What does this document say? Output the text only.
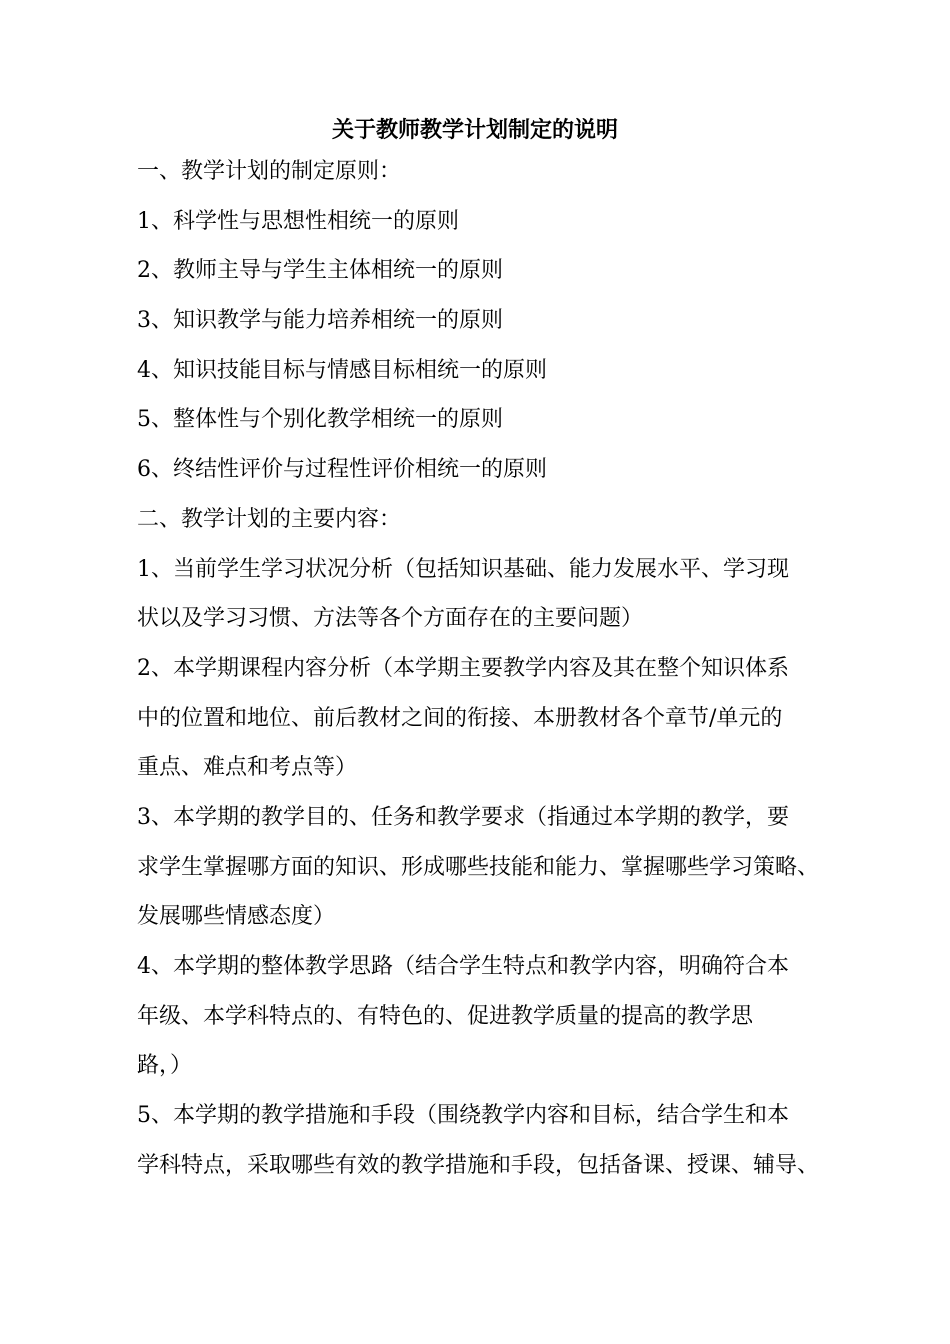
关于教师教学计划制定的说明

一、教学计划的制定原则：

1、科学性与思想性相统一的原则

2、教师主导与学生主体相统一的原则

3、知识教学与能力培养相统一的原则

4、知识技能目标与情感目标相统一的原则

5、整体性与个别化教学相统一的原则

6、终结性评价与过程性评价相统一的原则

二、教学计划的主要内容：

1、当前学生学习状况分析（包括知识基础、能力发展水平、学习现

状以及学习习惯、方法等各个方面存在的主要问题）

2、本学期课程内容分析（本学期主要教学内容及其在整个知识体系

中的位置和地位、前后教材之间的衔接、本册教材各个章节/单元的

重点、难点和考点等）

3、本学期的教学目的、任务和教学要求（指通过本学期的教学，要

求学生掌握哪方面的知识、形成哪些技能和能力、掌握哪些学习策略、

发展哪些情感态度）

4、本学期的整体教学思路（结合学生特点和教学内容，明确符合本

年级、本学科特点的、有特色的、促进教学质量的提高的教学思

路，）

5、本学期的教学措施和手段（围绕教学内容和目标，结合学生和本

学科特点，采取哪些有效的教学措施和手段，包括备课、授课、辅导、
